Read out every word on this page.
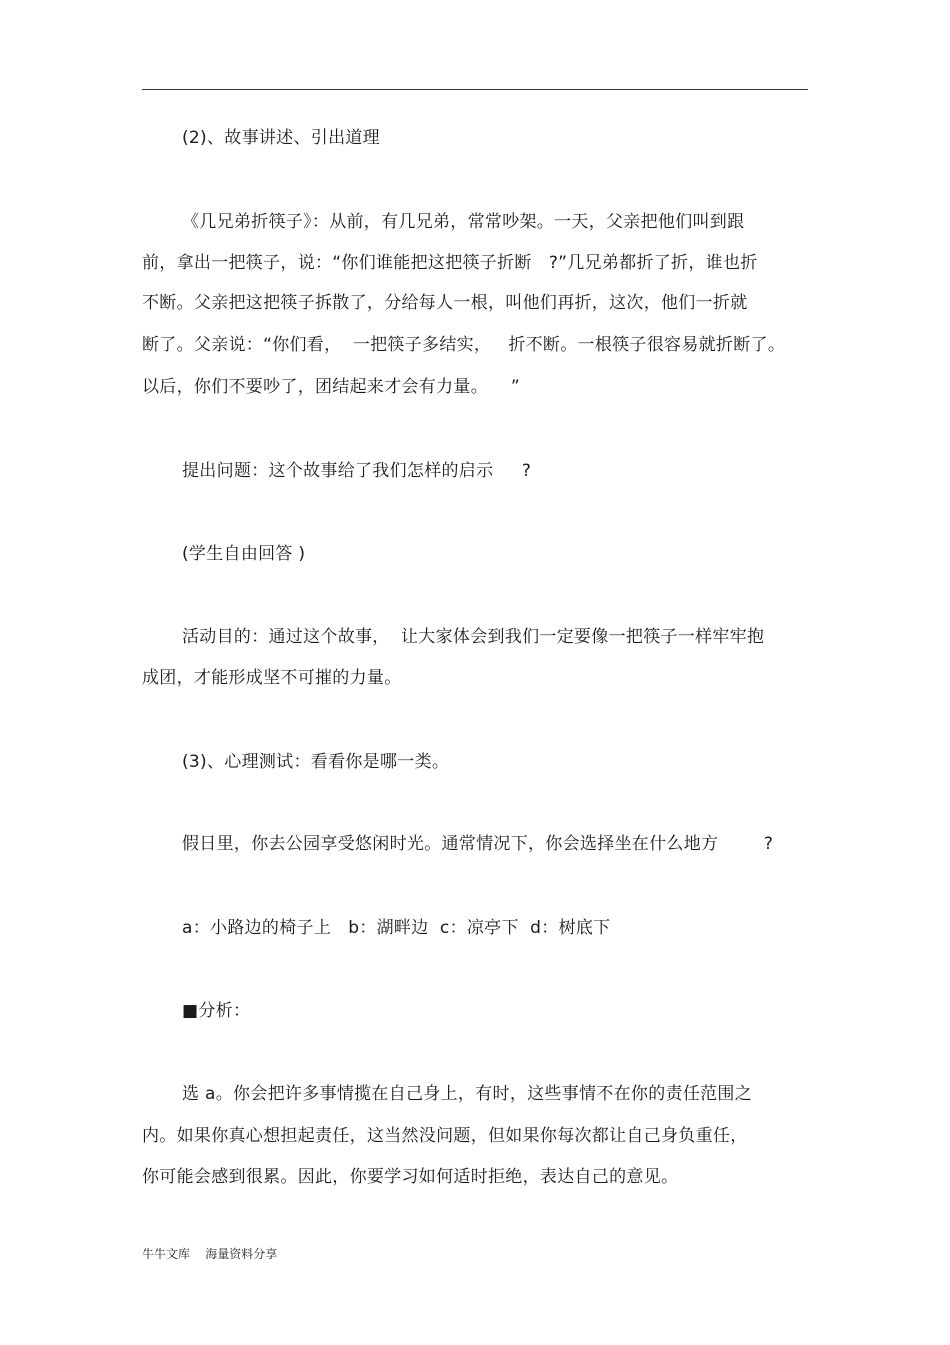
(2)、故事讲述、引出道理
《几兄弟折筷子》：从前，有几兄弟，常常吵架。一天，父亲把他们叫到跟
前，拿出一把筷子，说：“你们谁能把这把筷子折断   ?”几兄弟都折了折，谁也折
不断。父亲把这把筷子拆散了，分给每人一根，叫他们再折，这次，他们一折就
断了。父亲说：“你们看，  一把筷子多结实，   折不断。一根筷子很容易就折断了。
以后，你们不要吵了，团结起来才会有力量。    ”
提出问题：这个故事给了我们怎样的启示     ?
(学生自由回答 )
活动目的：通过这个故事，  让大家体会到我们一定要像一把筷子一样牢牢抱
成团，才能形成坚不可摧的力量。
(3)、心理测试：看看你是哪一类。
假日里，你去公园享受悠闲时光。通常情况下，你会选择坐在什么地方        ?
a：小路边的椅子上   b：湖畔边  c：凉亭下  d：树底下
■分析：
选 a。你会把许多事情揽在自己身上，有时，这些事情不在你的责任范围之
内。如果你真心想担起责任，这当然没问题，但如果你每次都让自己身负重任，
你可能会感到很累。因此，你要学习如何适时拒绝，表达自己的意见。
牛牛文库    海量资料分享
